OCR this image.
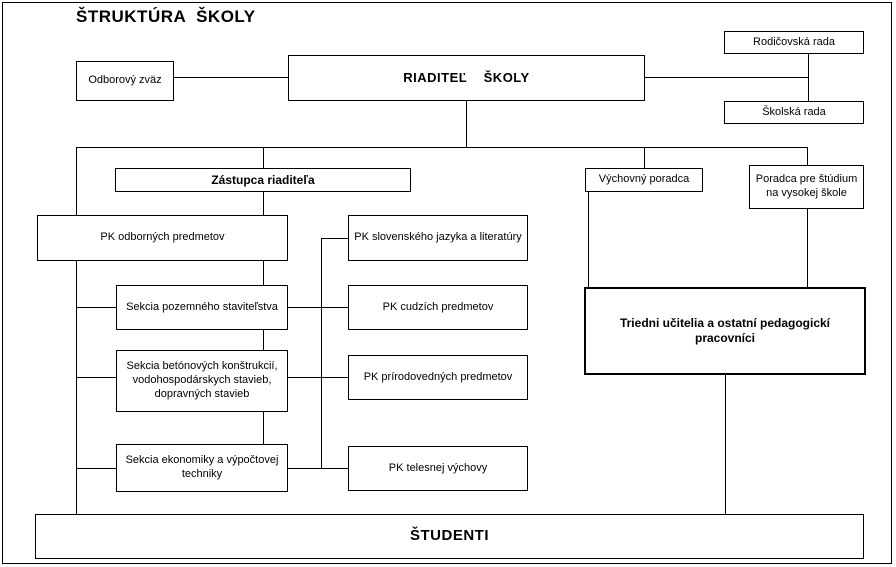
ŠTRUKTÚRA  ŠKOLY
RIADITEĽ    ŠKOLY
Odborový zväz
Rodičovská rada
Školská rada
Zástupca riaditeľa	Výchovný poradca	Poradca pre štúdium na vysokej škole
PK odborných predmetov	PK slovenského jazyka a literatúry
Sekcia pozemného staviteľstva	PK cudzích predmetov
Sekcia betónových konštrukcií, vodohospodárskych stavieb, dopravných stavieb
PK prírodovedných predmetov
Sekcia ekonomiky a výpočtovej techniky
PK telesnej výchovy
Triedni učitelia a ostatní pedagogickí pracovníci
ŠTUDENTI
